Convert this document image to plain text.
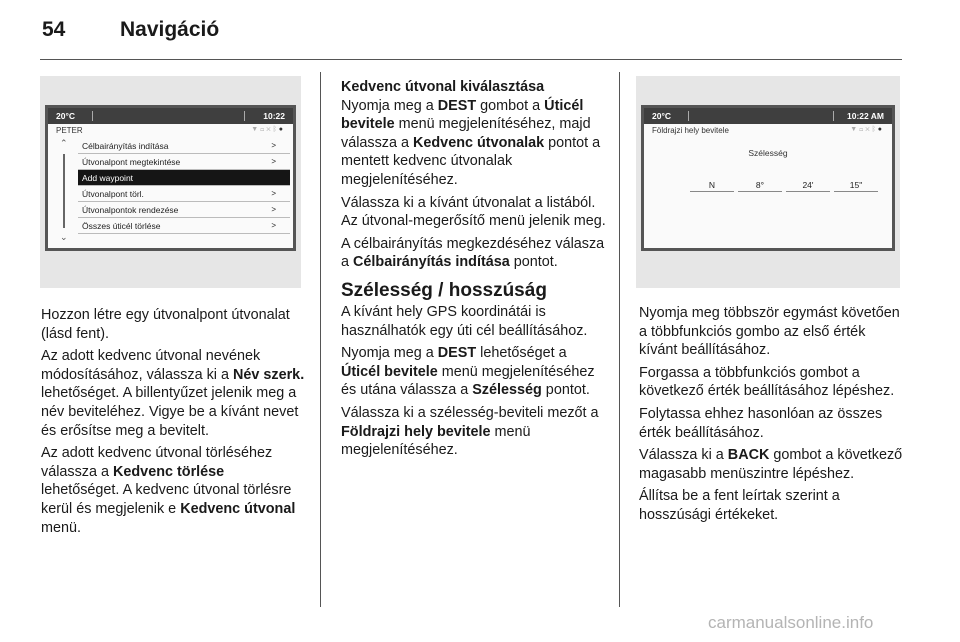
54	Navigáció
20°C	10:22
PETER	▼▭✕ᛒ●
⌃
⌄
Célbairányítás indítása	>
Útvonalpont megtekintése	>
Add waypoint
Útvonalpont törl.	>
Útvonalpontok rendezése	>
Összes úticél törlése	>

Hozzon létre egy útvonalpont útvonalat (lásd fent).

Az adott kedvenc útvonal nevének módosításához, válassza ki a Név szerk. lehetőséget. A billentyűzet jelenik meg a név beviteléhez. Vigye be a kívánt nevet és erősítse meg a bevitelt.

Az adott kedvenc útvonal törléséhez válassza a Kedvenc törlése lehetőséget. A kedvenc útvonal törlésre kerül és megjelenik e Kedvenc útvonal menü.

Kedvenc útvonal kiválasztása

Nyomja meg a DEST gombot a Úticél bevitele menü megjelenítéséhez, majd válassza a Kedvenc útvonalak pontot a mentett kedvenc útvonalak megjelenítéséhez.

Válassza ki a kívánt útvonalat a listából. Az útvonal-megerősítő menü jelenik meg.

A célbairányítás megkezdéséhez válasza a Célbairányítás indítása pontot.

Szélesség / hosszúság

A kívánt hely GPS koordinátái is használhatók egy úti cél beállításához.

Nyomja meg a DEST lehetőséget a Úticél bevitele menü megjelenítéséhez és utána válassza a Szélesség pontot.

Válassza ki a szélesség-beviteli mezőt a Földrajzi hely bevitele menü megjelenítéséhez.

20°C	10:22 AM
Földrajzi hely bevitele	▼▭✕ᛒ●
Szélesség
N	8°	24'	15"

Nyomja meg többször egymást követően a többfunkciós gombo az első érték kívánt beállításához.

Forgassa a többfunkciós gombot a következő érték beállításához lépéshez.

Folytassa ehhez hasonlóan az összes érték beállításához.

Válassza ki a BACK gombot a következő magasabb menüszintre lépéshez.

Állítsa be a fent leírtak szerint a hosszúsági értékeket.

carmanualsonline.info
